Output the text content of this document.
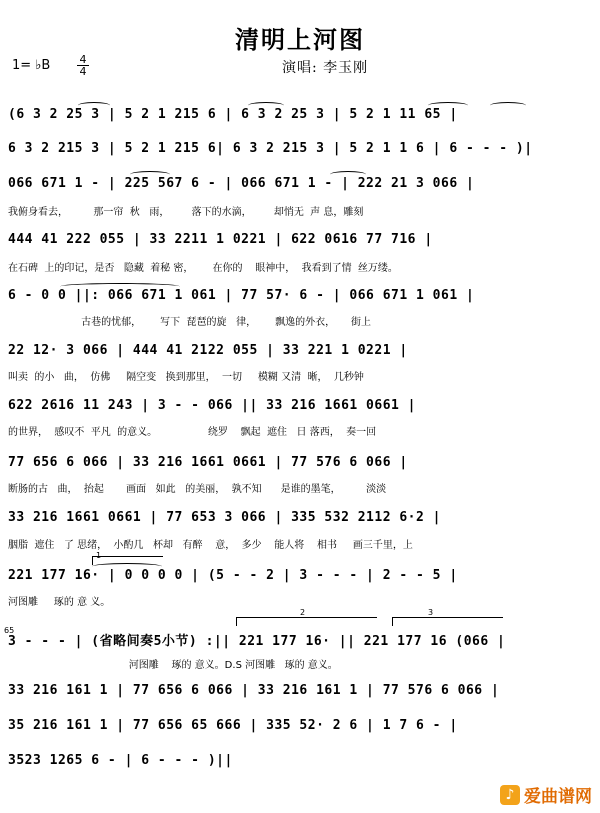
清明上河图
1= ♭B	4
4	演唱: 李玉刚
(6 3 2 25 3 | 5 2 1 215 6 | 6 3 2 25 3 | 5 2 1 11 65 |
6 3 2 215 3 | 5 2 1 215 6| 6 3 2 215 3 | 5 2 1 1 6 | 6 - - - )|
066 671 1 - | 225 567 6 - | 066 671 1 - | 222 21 3 066 |
我俯身看去，        那一帘  秋   雨，       落下的水滴，       却悄无  声 息，雕刻
444 41 222 055 | 33 2211 1 0221 | 622 0616 77 716 |
在石碑  上的印记，是否   隐藏  着秘 密，      在你的    眼神中，  我看到了情  丝万缕。
6 - 0 0 ||: 066 671 1 061 | 77 57· 6 - | 066 671 1 061 |
古巷的忧郁，      写下  琵琶的旋   律，      飘逸的外衣，     街上
22 12· 3 066 | 444 41 2122 055 | 33 221 1 0221 |
叫卖  的小   曲，  仿佛     隔空变   换到那里，  一切     模糊 又清  晰，  几秒钟
622 2616 11 243 | 3 - - 066 || 33 216 1661 0661 |
的世界，  感叹不  平凡  的意义。                绕罗    飘起  遮住   日 落西，  奏一回
77 656 6 066 | 33 216 1661 0661 | 77 576 6 066 |
断肠的古   曲，  抬起       画面   如此   的美丽，  孰不知      是谁的墨笔，        淡淡
33 216 1661 0661 | 77 653 3 066 | 335 532 2112 6·2 |
胭脂  遮住   了 思绪，  小酌几   杯却   有醉    意，  多少    能人将    相书     画三千里，上
221 177 16· | 0 0 0 0 | (5 - - 2 | 3 - - - | 2 - - 5 |
河图雕     琢的 意 义。
3 - - - | (省略间奏5小节) :|| 221 177 16· || 221 177 16 (066 |
河图雕    琢的 意义。D.S 河图雕   琢的 意义。
33 216 161 1 | 77 656 6 066 | 33 216 161 1 | 77 576 6 066 |
35 216 161 1 | 77 656 65 666 | 335 52· 2 6 | 1 7 6 - |
3523 1265 6 - | 6 - - - )||
1
2	3
65
♪ 爱曲谱网
